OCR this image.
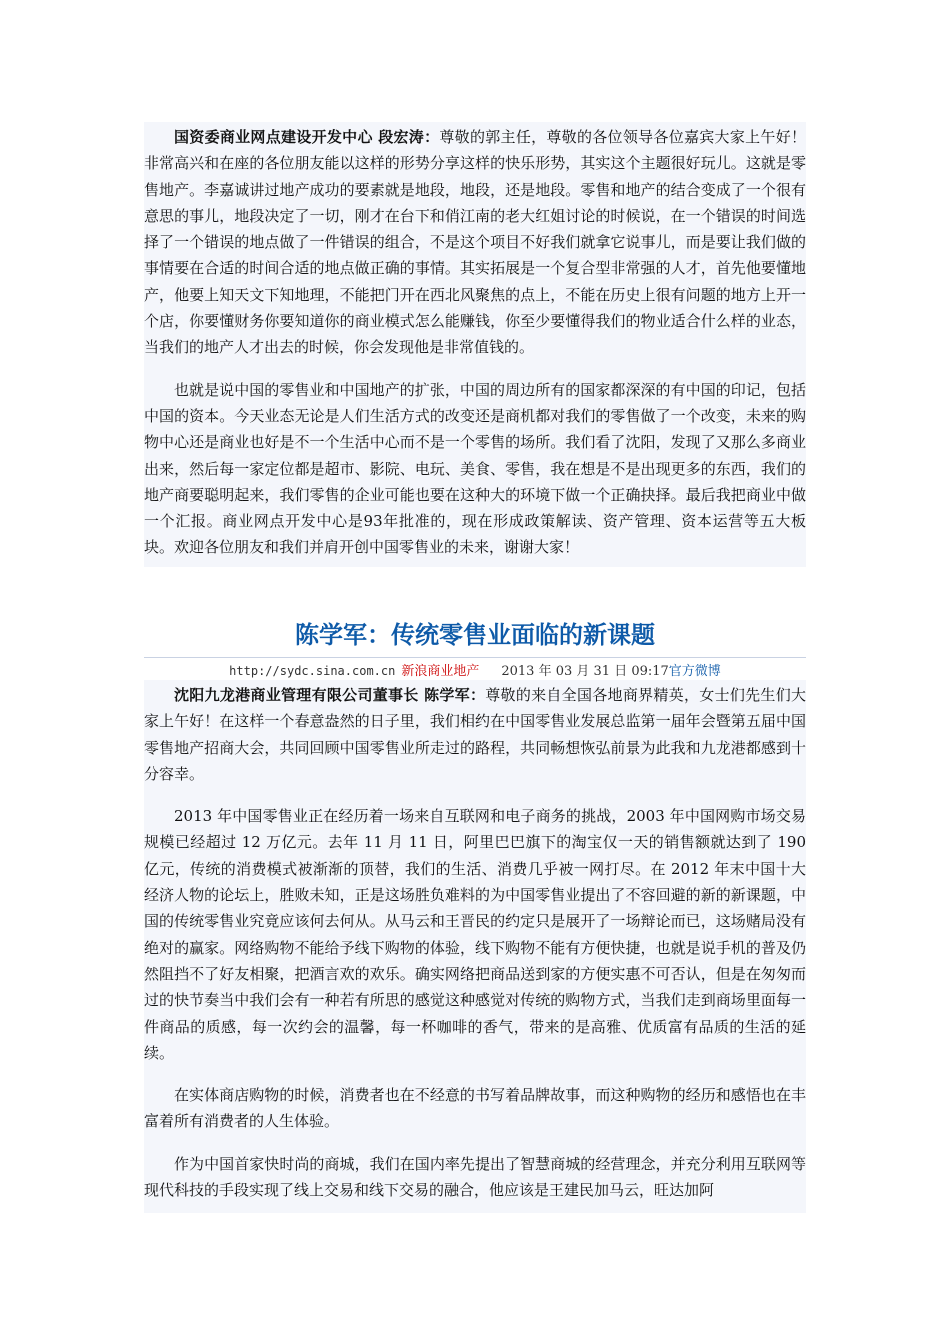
国资委商业网点建设开发中心 段宏涛：尊敬的郭主任，尊敬的各位领导各位嘉宾大家上午好！非常高兴和在座的各位朋友能以这样的形势分享这样的快乐形势，其实这个主题很好玩儿。这就是零售地产。李嘉诚讲过地产成功的要素就是地段，地段，还是地段。零售和地产的结合变成了一个很有意思的事儿，地段决定了一切，刚才在台下和俏江南的老大红姐讨论的时候说，在一个错误的时间选择了一个错误的地点做了一件错误的组合，不是这个项目不好我们就拿它说事儿，而是要让我们做的事情要在合适的时间合适的地点做正确的事情。其实拓展是一个复合型非常强的人才，首先他要懂地产，他要上知天文下知地理，不能把门开在西北风聚焦的点上，不能在历史上很有问题的地方上开一个店，你要懂财务你要知道你的商业模式怎么能赚钱，你至少要懂得我们的物业适合什么样的业态，当我们的地产人才出去的时候，你会发现他是非常值钱的。

也就是说中国的零售业和中国地产的扩张，中国的周边所有的国家都深深的有中国的印记，包括中国的资本。今天业态无论是人们生活方式的改变还是商机都对我们的零售做了一个改变，未来的购物中心还是商业也好是不一个生活中心而不是一个零售的场所。我们看了沈阳，发现了又那么多商业出来，然后每一家定位都是超市、影院、电玩、美食、零售，我在想是不是出现更多的东西，我们的地产商要聪明起来，我们零售的企业可能也要在这种大的环境下做一个正确抉择。最后我把商业中做一个汇报。商业网点开发中心是93年批准的，现在形成政策解读、资产管理、资本运营等五大板块。欢迎各位朋友和我们并肩开创中国零售业的未来，谢谢大家！

陈学军：传统零售业面临的新课题
http://sydc.sina.com.cn 新浪商业地产 2013 年 03 月 31 日 09:17官方微博

沈阳九龙港商业管理有限公司董事长 陈学军：尊敬的来自全国各地商界精英，女士们先生们大家上午好！在这样一个春意盎然的日子里，我们相约在中国零售业发展总监第一届年会暨第五届中国零售地产招商大会，共同回顾中国零售业所走过的路程，共同畅想恢弘前景为此我和九龙港都感到十分容幸。

2013 年中国零售业正在经历着一场来自互联网和电子商务的挑战，2003 年中国网购市场交易规模已经超过 12 万亿元。去年 11 月 11 日，阿里巴巴旗下的淘宝仅一天的销售额就达到了 190 亿元，传统的消费模式被渐渐的顶替，我们的生活、消费几乎被一网打尽。在 2012 年末中国十大经济人物的论坛上，胜败未知，正是这场胜负难料的为中国零售业提出了不容回避的新的新课题，中国的传统零售业究竟应该何去何从。从马云和王晋民的约定只是展开了一场辩论而已，这场赌局没有绝对的赢家。网络购物不能给予线下购物的体验，线下购物不能有方便快捷，也就是说手机的普及仍然阻挡不了好友相聚，把酒言欢的欢乐。确实网络把商品送到家的方便实惠不可否认，但是在匆匆而过的快节奏当中我们会有一种若有所思的感觉这种感觉对传统的购物方式，当我们走到商场里面每一件商品的质感，每一次约会的温馨，每一杯咖啡的香气，带来的是高雅、优质富有品质的生活的延续。

在实体商店购物的时候，消费者也在不经意的书写着品牌故事，而这种购物的经历和感悟也在丰富着所有消费者的人生体验。

作为中国首家快时尚的商城，我们在国内率先提出了智慧商城的经营理念，并充分利用互联网等现代科技的手段实现了线上交易和线下交易的融合，他应该是王建民加马云，旺达加阿
